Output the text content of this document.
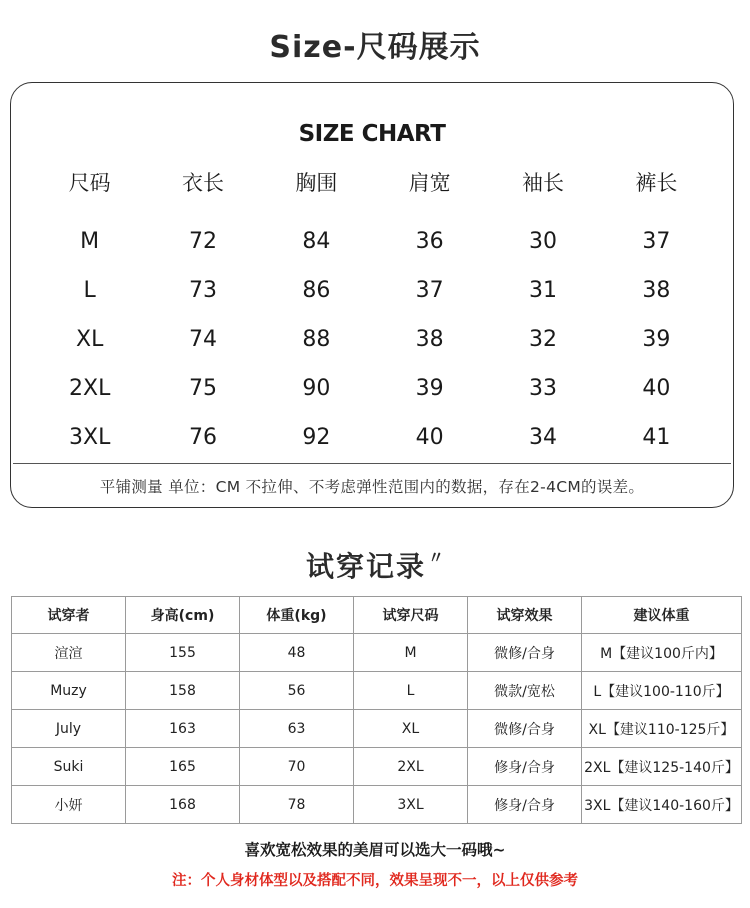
Size-尺码展示
SIZE CHART
尺码	衣长	胸围	肩宽	袖长	裤长
M	72	84	36	30	37
L	73	86	37	31	38
XL	74	88	38	32	39
2XL	75	90	39	33	40
3XL	76	92	40	34	41
平铺测量 单位：CM 不拉伸、不考虑弹性范围内的数据，存在2-4CM的误差。
试穿记录 〃
试穿者	身高(cm)	体重(kg)	试穿尺码	试穿效果	建议体重
渲渲	155	48	M	微修/合身	M【建议100斤内】
Muzy	158	56	L	微款/宽松	L【建议100-110斤】
July	163	63	XL	微修/合身	XL【建议110-125斤】
Suki	165	70	2XL	修身/合身	2XL【建议125-140斤】
小妍	168	78	3XL	修身/合身	3XL【建议140-160斤】
喜欢宽松效果的美眉可以选大一码哦~
注：个人身材体型以及搭配不同，效果呈现不一，以上仅供参考
